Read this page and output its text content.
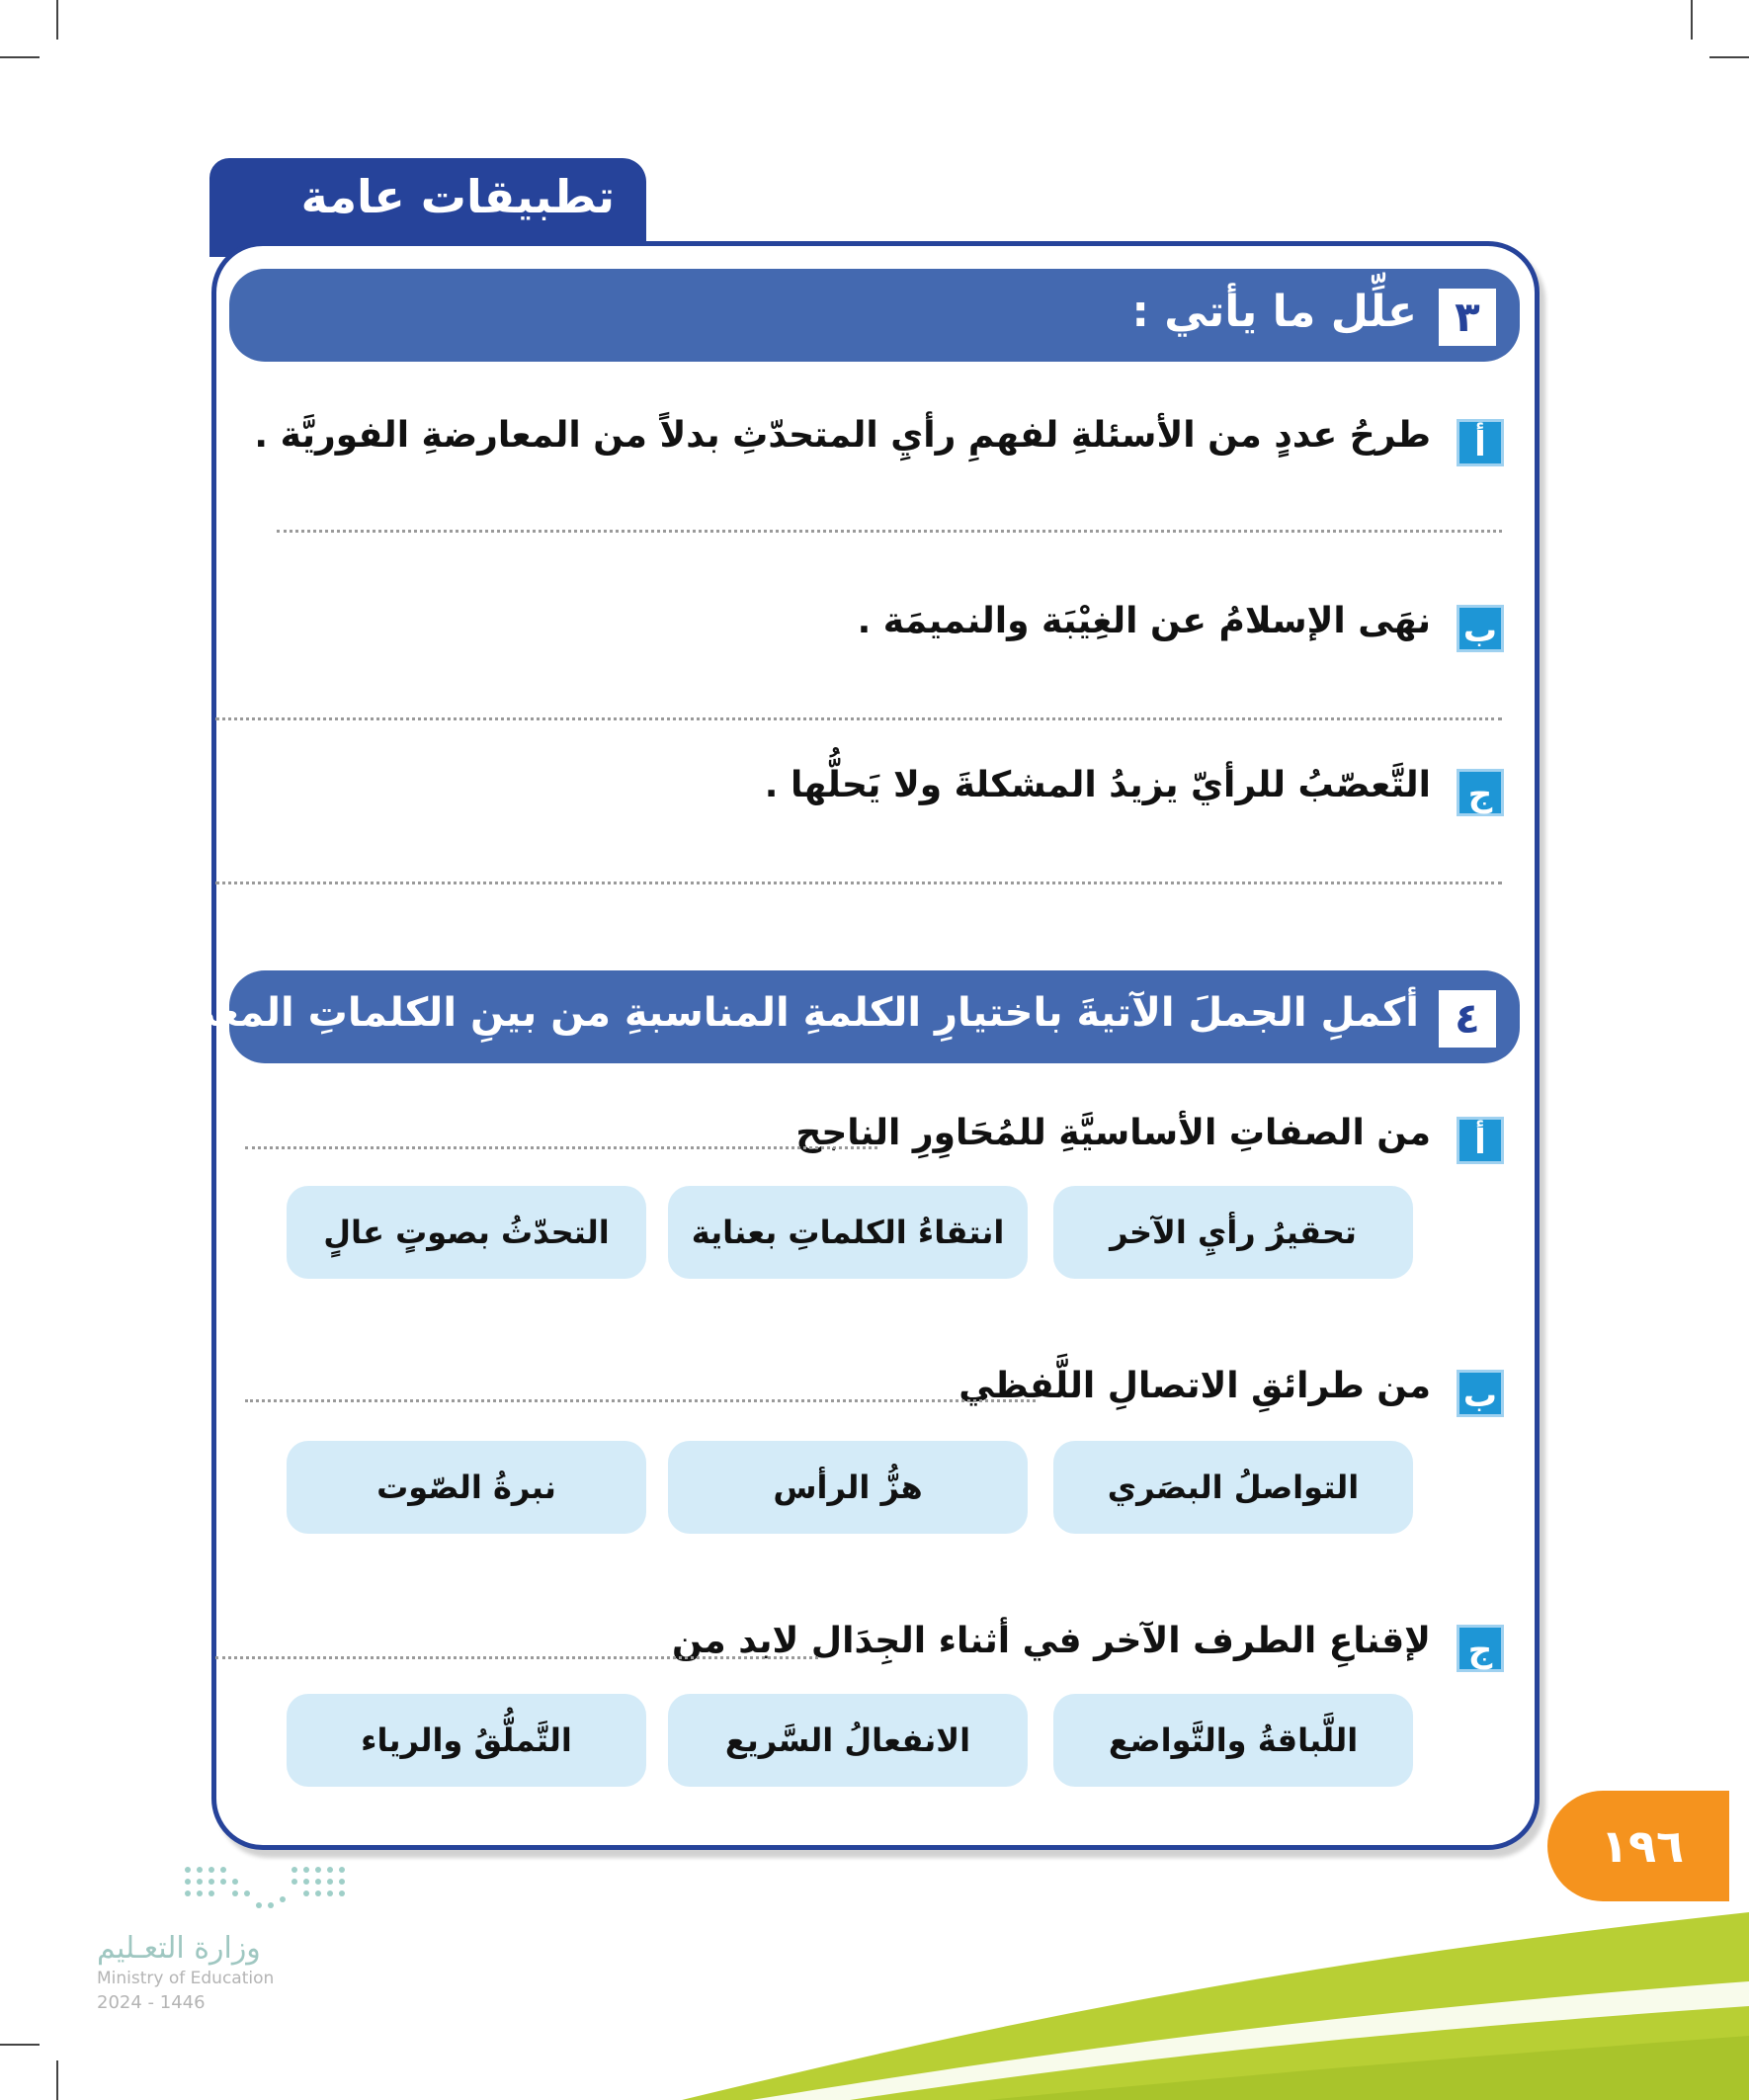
تطبيقات عامة
٣
علِّل ما يأتي :
أ
طرحُ عددٍ من الأسئلةِ لفهمِ رأيِ المتحدّثِ بدلاً من المعارضةِ الفوريَّة .
ب
نهَى الإسلامُ عن الغِيْبَة والنميمَة .
ج
التَّعصّبُ للرأيّ يزيدُ المشكلةَ ولا يَحلُّها .
٤
أكملِ الجملَ الآتيةَ باختيارِ الكلمةِ المناسبةِ من بينِ الكلماتِ المعطَاة :
أ
من الصفاتِ الأساسيَّةِ للمُحَاوِرِ الناجح
تحقيرُ رأيِ الآخر
انتقاءُ الكلماتِ بعناية
التحدّثُ بصوتٍ عالٍ
ب
من طرائقِ الاتصالِ اللَّفظي
التواصلُ البصَري
هزُّ الرأس
نبرةُ الصّوت
ج
لإقناعِ الطرف الآخر في أثناء الجِدَال لابد من
اللَّباقةُ والتَّواضع
الانفعالُ السَّريع
التَّملُّقُ والرياء
١٩٦
وزارة التعـليم
Ministry of Education
2024 - 1446
